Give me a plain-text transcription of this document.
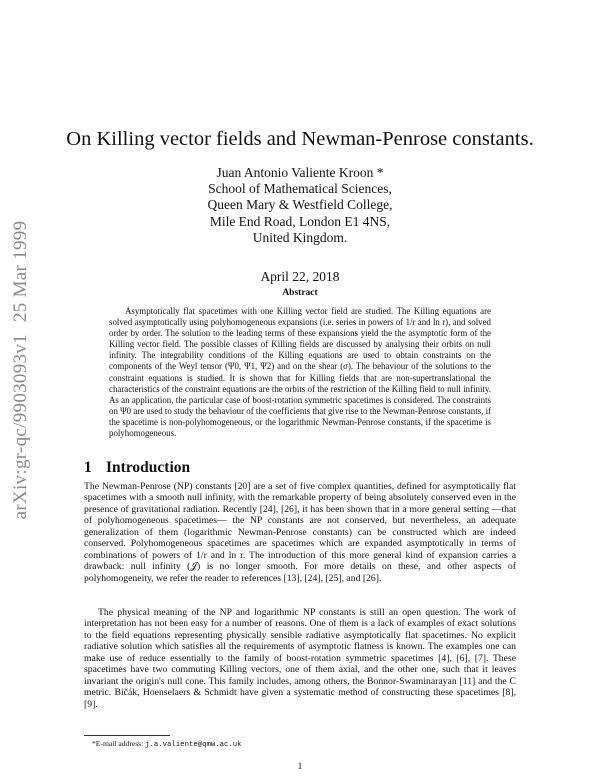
arXiv:gr-qc/9903093v125 Mar 1999
On Killing vector fields and Newman-Penrose constants.
Juan Antonio Valiente Kroon *
School of Mathematical Sciences,
Queen Mary & Westfield College,
Mile End Road, London E1 4NS,
United Kingdom.
April 22, 2018
Abstract
Asymptotically flat spacetimes with one Killing vector field are studied. The Killing equations are solved asymptotically using polyhomogeneous expansions (i.e. series in powers of 1/r and ln r), and solved order by order. The solution to the leading terms of these expansions yield the the asymptotic form of the Killing vector field. The possible classes of Killing fields are discussed by analysing their orbits on null infinity. The integrability conditions of the Killing equations are used to obtain constraints on the components of the Weyl tensor (Ψ0, Ψ1, Ψ2) and on the shear (σ). The behaviour of the solutions to the constraint equations is studied. It is shown that for Killing fields that are non-supertranslational the characteristics of the constraint equations are the orbits of the restriction of the Killing field to null infinity. As an application, the particular case of boost-rotation symmetric spacetimes is considered. The constraints on Ψ0 are used to study the behaviour of the coefficients that give rise to the Newman-Penrose constants, if the spacetime is non-polyhomogeneous, or the logarithmic Newman-Penrose constants, if the spacetime is polyhomogeneous.
1 Introduction
The Newman-Penrose (NP) constants [20] are a set of five complex quantities, defined for asymptotically flat spacetimes with a smooth null infinity, with the remarkable property of being absolutely conserved even in the presence of gravitational radiation. Recently [24], [26], it has been shown that in a more general setting —that of polyhomogeneous spacetimes— the NP constants are not conserved, but nevertheless, an adequate generalization of them (logarithmic Newman-Penrose constants) can be constructed which are indeed conserved. Polyhomogeneous spacetimes are spacetimes which are expanded asymptotically in terms of combinations of powers of 1/r and ln r. The introduction of this more general kind of expansion carries a drawback: null infinity (𝒥) is no longer smooth. For more details on these, and other aspects of polyhomogeneity, we refer the reader to references [13], [24], [25], and [26].
The physical meaning of the NP and logarithmic NP constants is still an open question. The work of interpretation has not been easy for a number of reasons. One of them is a lack of examples of exact solutions to the field equations representing physically sensible radiative asymptotically flat spacetimes. No explicit radiative solution which satisfies all the requirements of asymptotic flatness is known. The examples one can make use of reduce essentially to the family of boost-rotation symmetric spacetimes [4], [6], [7]. These spacetimes have two commuting Killing vectors, one of them axial, and the other one, such that it leaves invariant the origin's null cone. This family includes, among others, the Bonnor-Swaminarayan [11] and the C metric. Bičák, Hoenselaers & Schmidt have given a systematic method of constructing these spacetimes [8], [9].
*E-mail address: j.a.valiente@qmw.ac.uk
1
